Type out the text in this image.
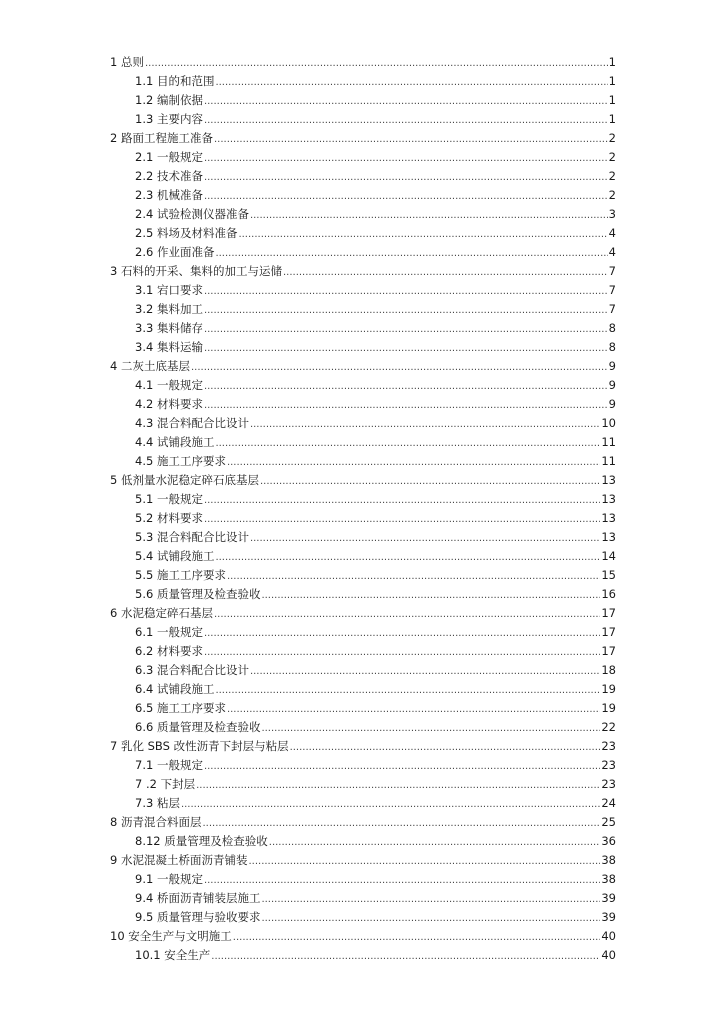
1 总则 .....	1
1.1 目的和范围 .....	1
1.2 编制依据 .....	1
1.3 主要内容 .....	1
2 路面工程施工准备 .....	2
2.1 一般规定 .....	2
2.2 技术准备 .....	2
2.3 机械准备 .....	2
2.4 试验检测仪器准备 .....	3
2.5 料场及材料准备 .....	4
2.6 作业面准备 .....	4
3 石料的开采、集料的加工与运储 .....	7
3.1 宕口要求 .....	7
3.2 集料加工 .....	7
3.3 集料储存 .....	8
3.4 集料运输 .....	8
4 二灰土底基层 .....	9
4.1 一般规定 .....	9
4.2 材料要求 .....	9
4.3 混合料配合比设计 .....	10
4.4 试铺段施工 .....	11
4.5 施工工序要求 .....	11
5 低剂量水泥稳定碎石底基层 .....	13
5.1 一般规定 .....	13
5.2 材料要求 .....	13
5.3 混合料配合比设计 .....	13
5.4 试铺段施工 .....	14
5.5 施工工序要求 .....	15
5.6 质量管理及检查验收 .....	16
6 水泥稳定碎石基层 .....	17
6.1 一般规定 .....	17
6.2 材料要求 .....	17
6.3 混合料配合比设计 .....	18
6.4 试铺段施工 .....	19
6.5 施工工序要求 .....	19
6.6 质量管理及检查验收 .....	22
7 乳化 SBS 改性沥青下封层与粘层 .....	23
7.1 一般规定 .....	23
7 .2 下封层 .....	23
7.3 粘层 .....	24
8 沥青混合料面层 .....	25
8.12 质量管理及检查验收 .....	36
9 水泥混凝土桥面沥青铺装 .....	38
9.1 一般规定 .....	38
9.4 桥面沥青铺装层施工 .....	39
9.5 质量管理与验收要求 .....	39
10 安全生产与文明施工 .....	40
10.1 安全生产 .....	40
